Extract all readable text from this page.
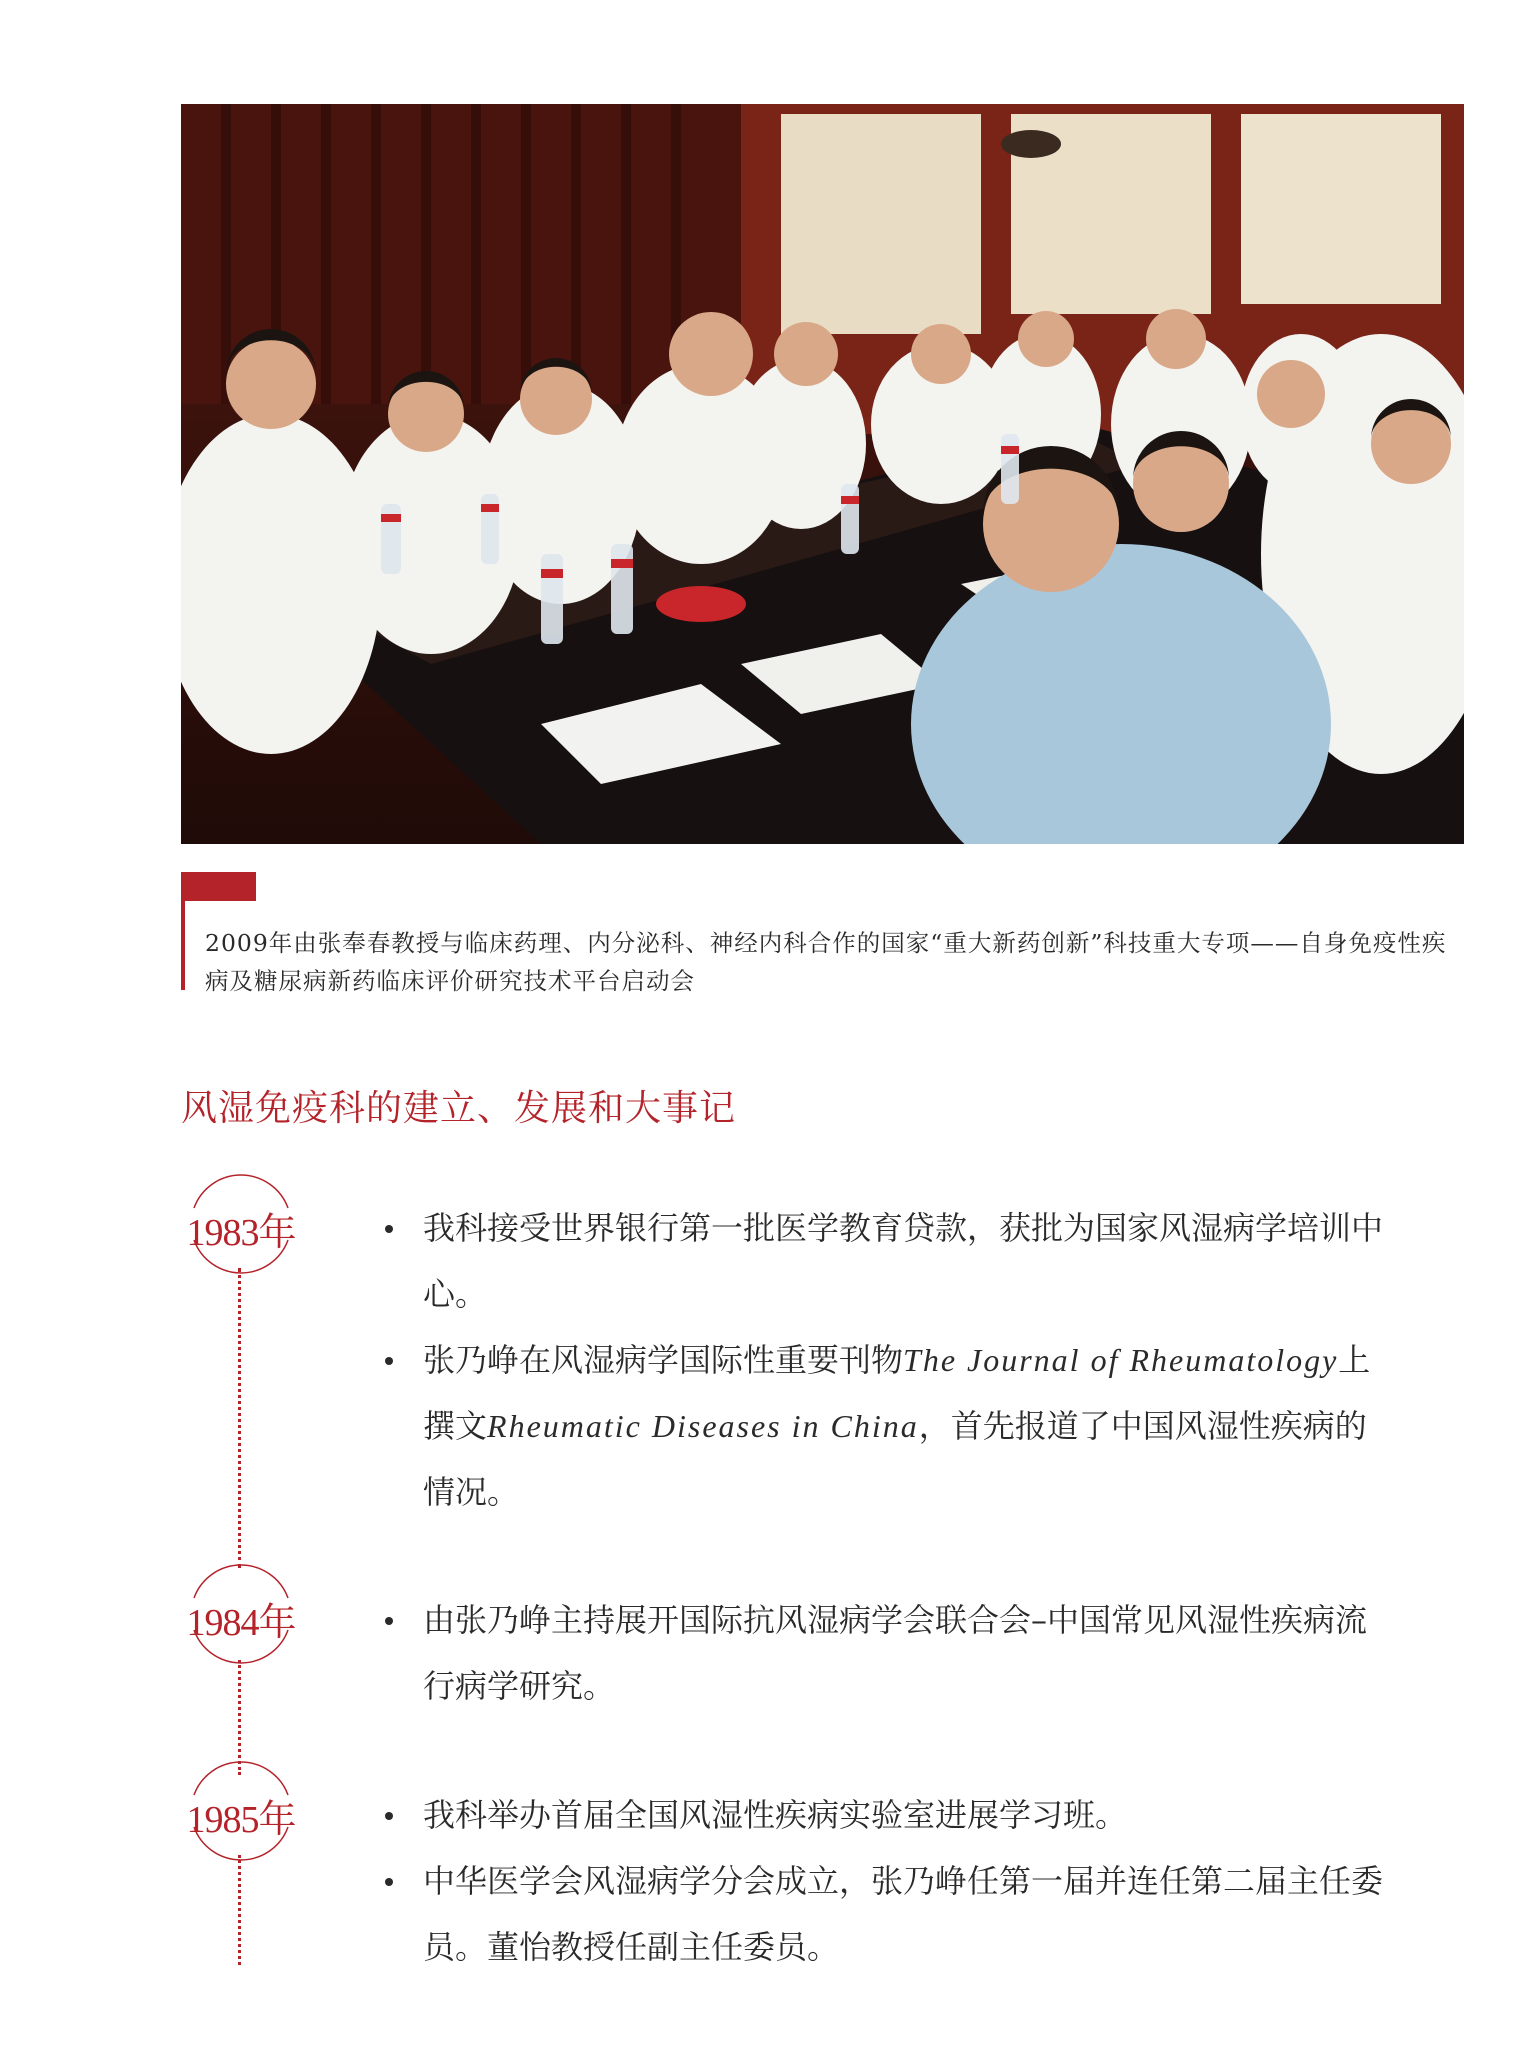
2009年由张奉春教授与临床药理、内分泌科、神经内科合作的国家“重大新药创新”科技重大专项——自身免疫性疾病及糖尿病新药临床评价研究技术平台启动会
风湿免疫科的建立、发展和大事记
1983年	我科接受世界银行第一批医学教育贷款，获批为国家风湿病学培训中心。
张乃峥在风湿病学国际性重要刊物The Journal of Rheumatology上撰文Rheumatic Diseases in China，首先报道了中国风湿性疾病的情况。
1984年	由张乃峥主持展开国际抗风湿病学会联合会–中国常见风湿性疾病流行病学研究。
1985年	我科举办首届全国风湿性疾病实验室进展学习班。
中华医学会风湿病学分会成立，张乃峥任第一届并连任第二届主任委员。董怡教授任副主任委员。
